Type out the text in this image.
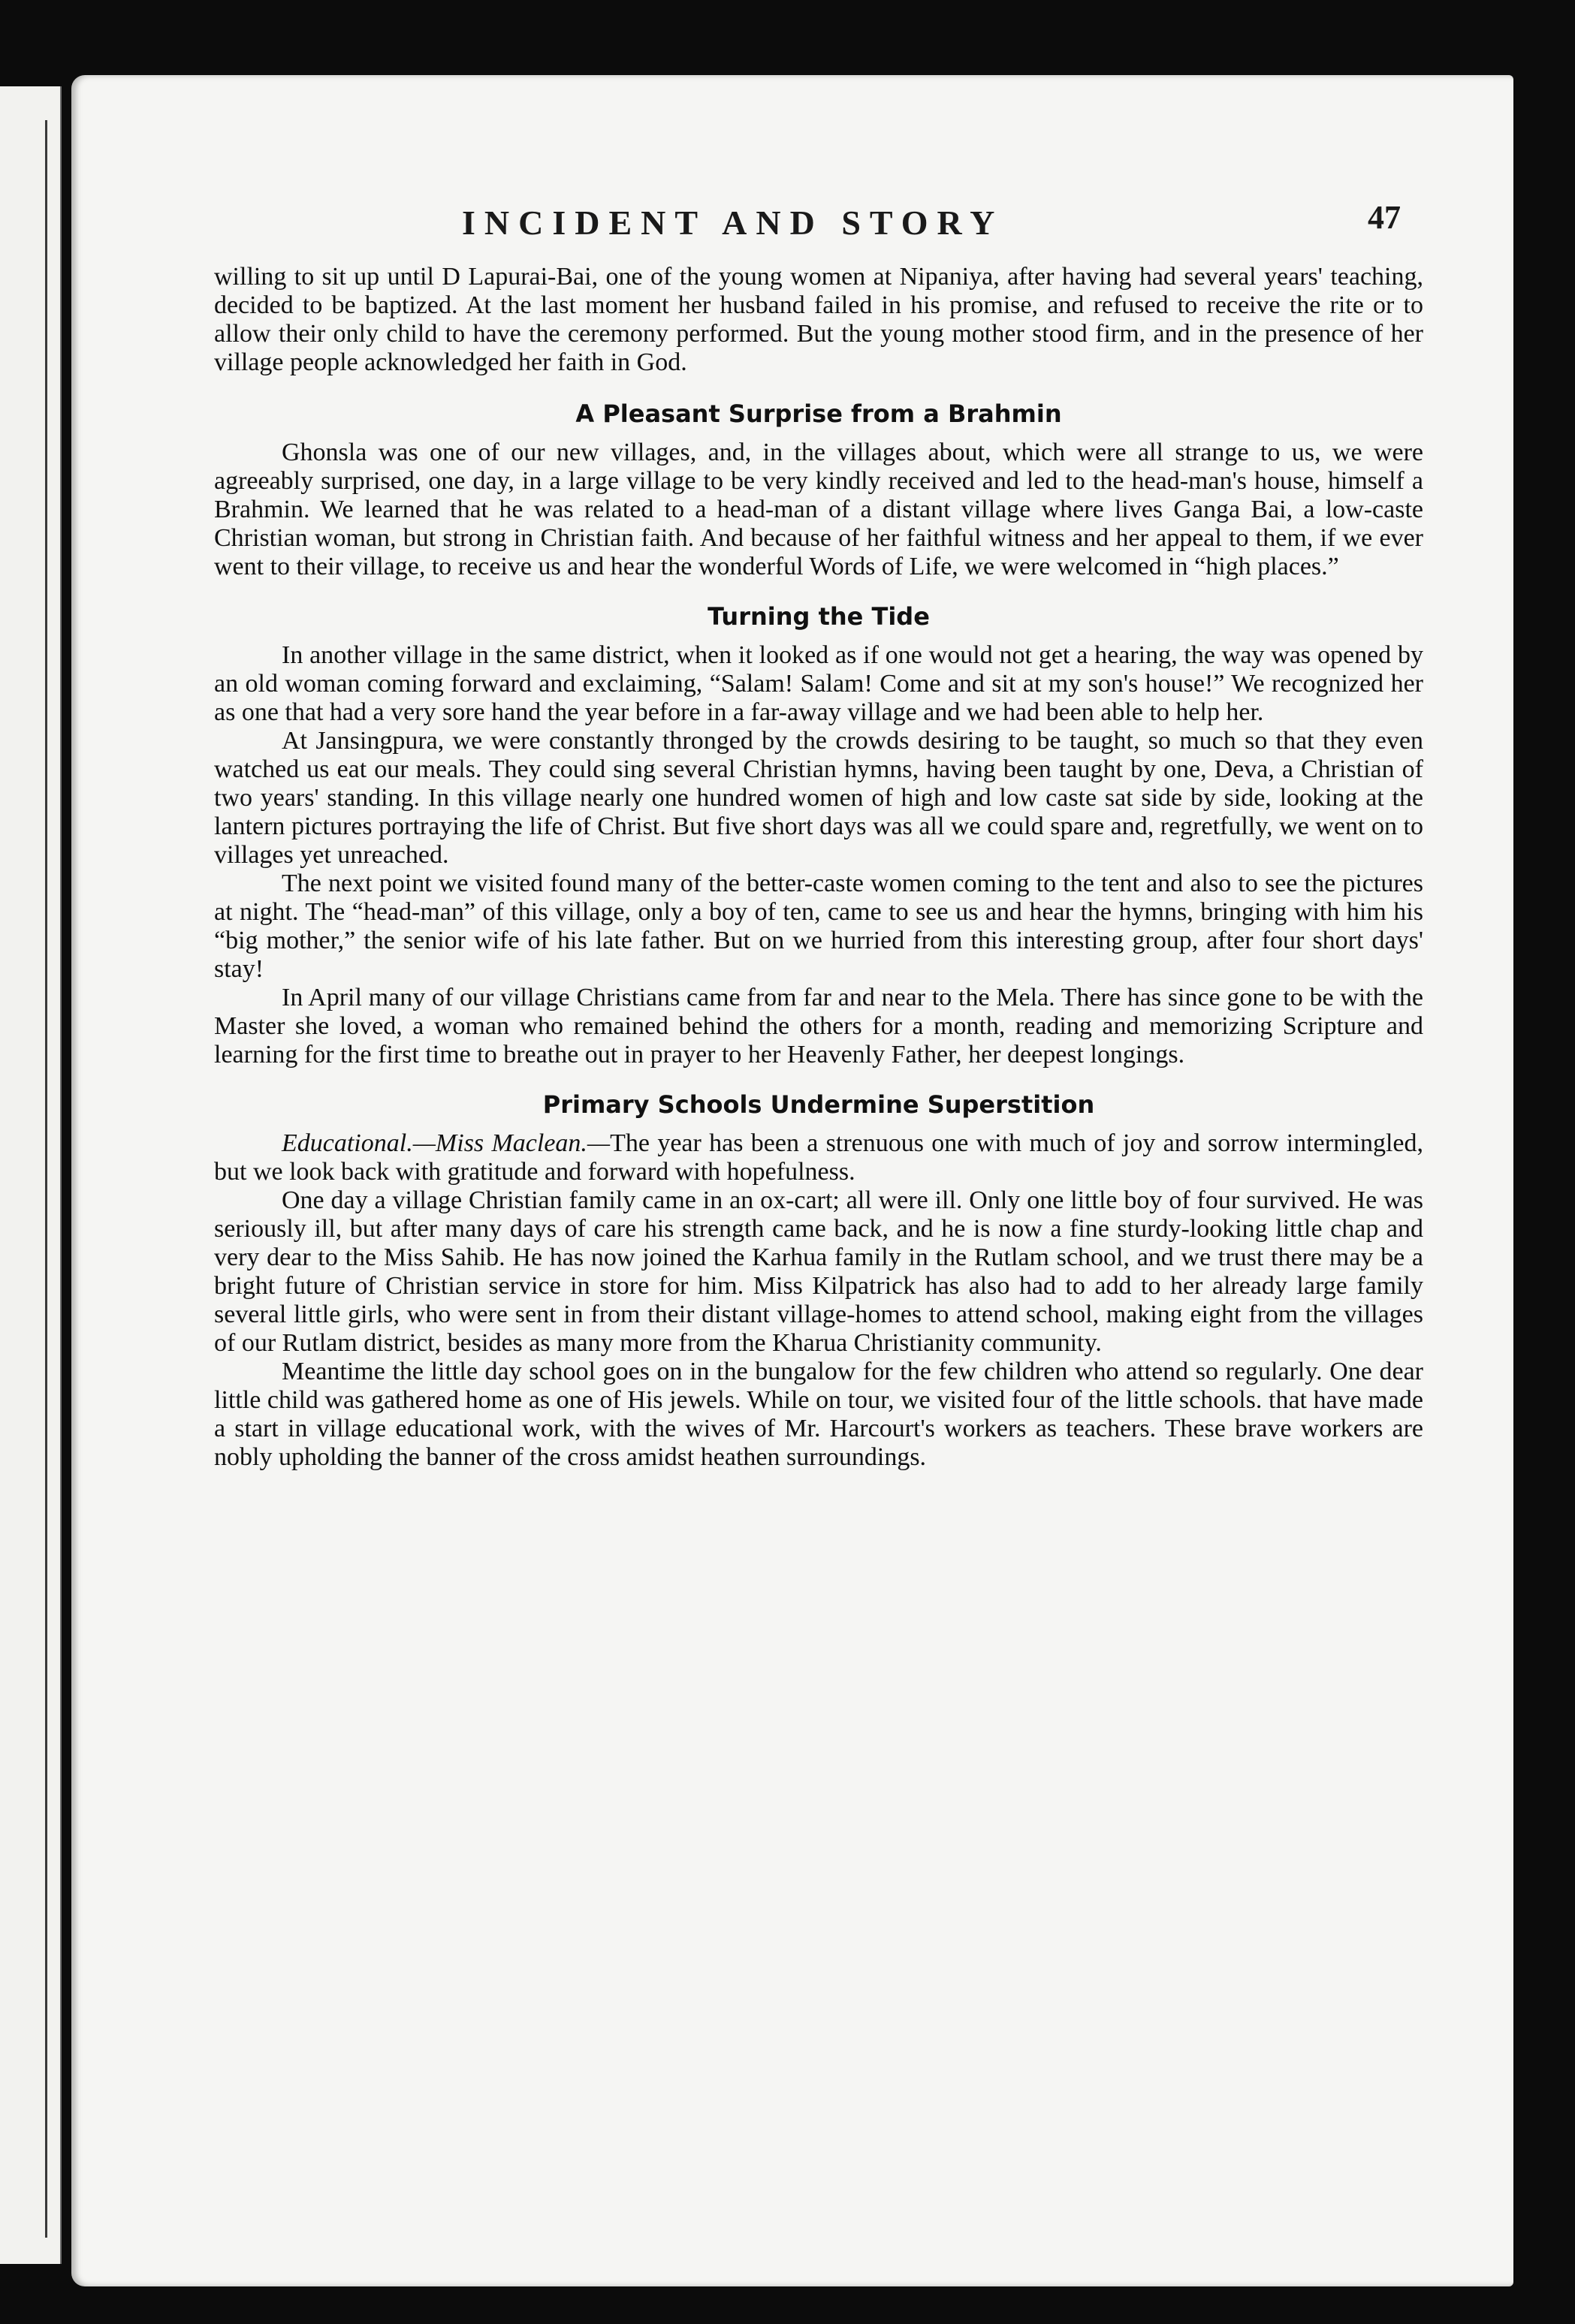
INCIDENT AND STORY	47

willing to sit up until D Lapurai-Bai, one of the young women at Nipaniya, after having had several years' teaching, decided to be baptized. At the last moment her husband failed in his promise, and refused to receive the rite or to allow their only child to have the ceremony performed. But the young mother stood firm, and in the presence of her village people acknowledged her faith in God.

A Pleasant Surprise from a Brahmin

Ghonsla was one of our new villages, and, in the villages about, which were all strange to us, we were agreeably surprised, one day, in a large village to be very kindly received and led to the head-man's house, himself a Brahmin. We learned that he was related to a head-man of a distant village where lives Ganga Bai, a low-caste Christian woman, but strong in Christian faith. And because of her faithful witness and her appeal to them, if we ever went to their village, to receive us and hear the wonderful Words of Life, we were welcomed in “high places.”

Turning the Tide

In another village in the same district, when it looked as if one would not get a hearing, the way was opened by an old woman coming forward and exclaiming, “Salam! Salam! Come and sit at my son's house!” We recognized her as one that had a very sore hand the year before in a far-away village and we had been able to help her.

At Jansingpura, we were constantly thronged by the crowds desiring to be taught, so much so that they even watched us eat our meals. They could sing several Christian hymns, having been taught by one, Deva, a Christian of two years' standing. In this village nearly one hundred women of high and low caste sat side by side, looking at the lantern pictures portraying the life of Christ. But five short days was all we could spare and, regretfully, we went on to villages yet unreached.

The next point we visited found many of the better-caste women coming to the tent and also to see the pictures at night. The “head-man” of this village, only a boy of ten, came to see us and hear the hymns, bringing with him his “big mother,” the senior wife of his late father. But on we hurried from this interesting group, after four short days' stay!

In April many of our village Christians came from far and near to the Mela. There has since gone to be with the Master she loved, a woman who remained behind the others for a month, reading and memorizing Scripture and learning for the first time to breathe out in prayer to her Heavenly Father, her deepest longings.

Primary Schools Undermine Superstition

Educational.—Miss Maclean.—The year has been a strenuous one with much of joy and sorrow intermingled, but we look back with gratitude and forward with hopefulness.

One day a village Christian family came in an ox-cart; all were ill. Only one little boy of four survived. He was seriously ill, but after many days of care his strength came back, and he is now a fine sturdy-looking little chap and very dear to the Miss Sahib. He has now joined the Karhua family in the Rutlam school, and we trust there may be a bright future of Christian service in store for him. Miss Kilpatrick has also had to add to her already large family several little girls, who were sent in from their distant village-homes to attend school, making eight from the villages of our Rutlam district, besides as many more from the Kharua Christianity community.

Meantime the little day school goes on in the bungalow for the few children who attend so regularly. One dear little child was gathered home as one of His jewels. While on tour, we visited four of the little schools. that have made a start in village educational work, with the wives of Mr. Harcourt's workers as teachers. These brave workers are nobly upholding the banner of the cross amidst heathen surroundings.
